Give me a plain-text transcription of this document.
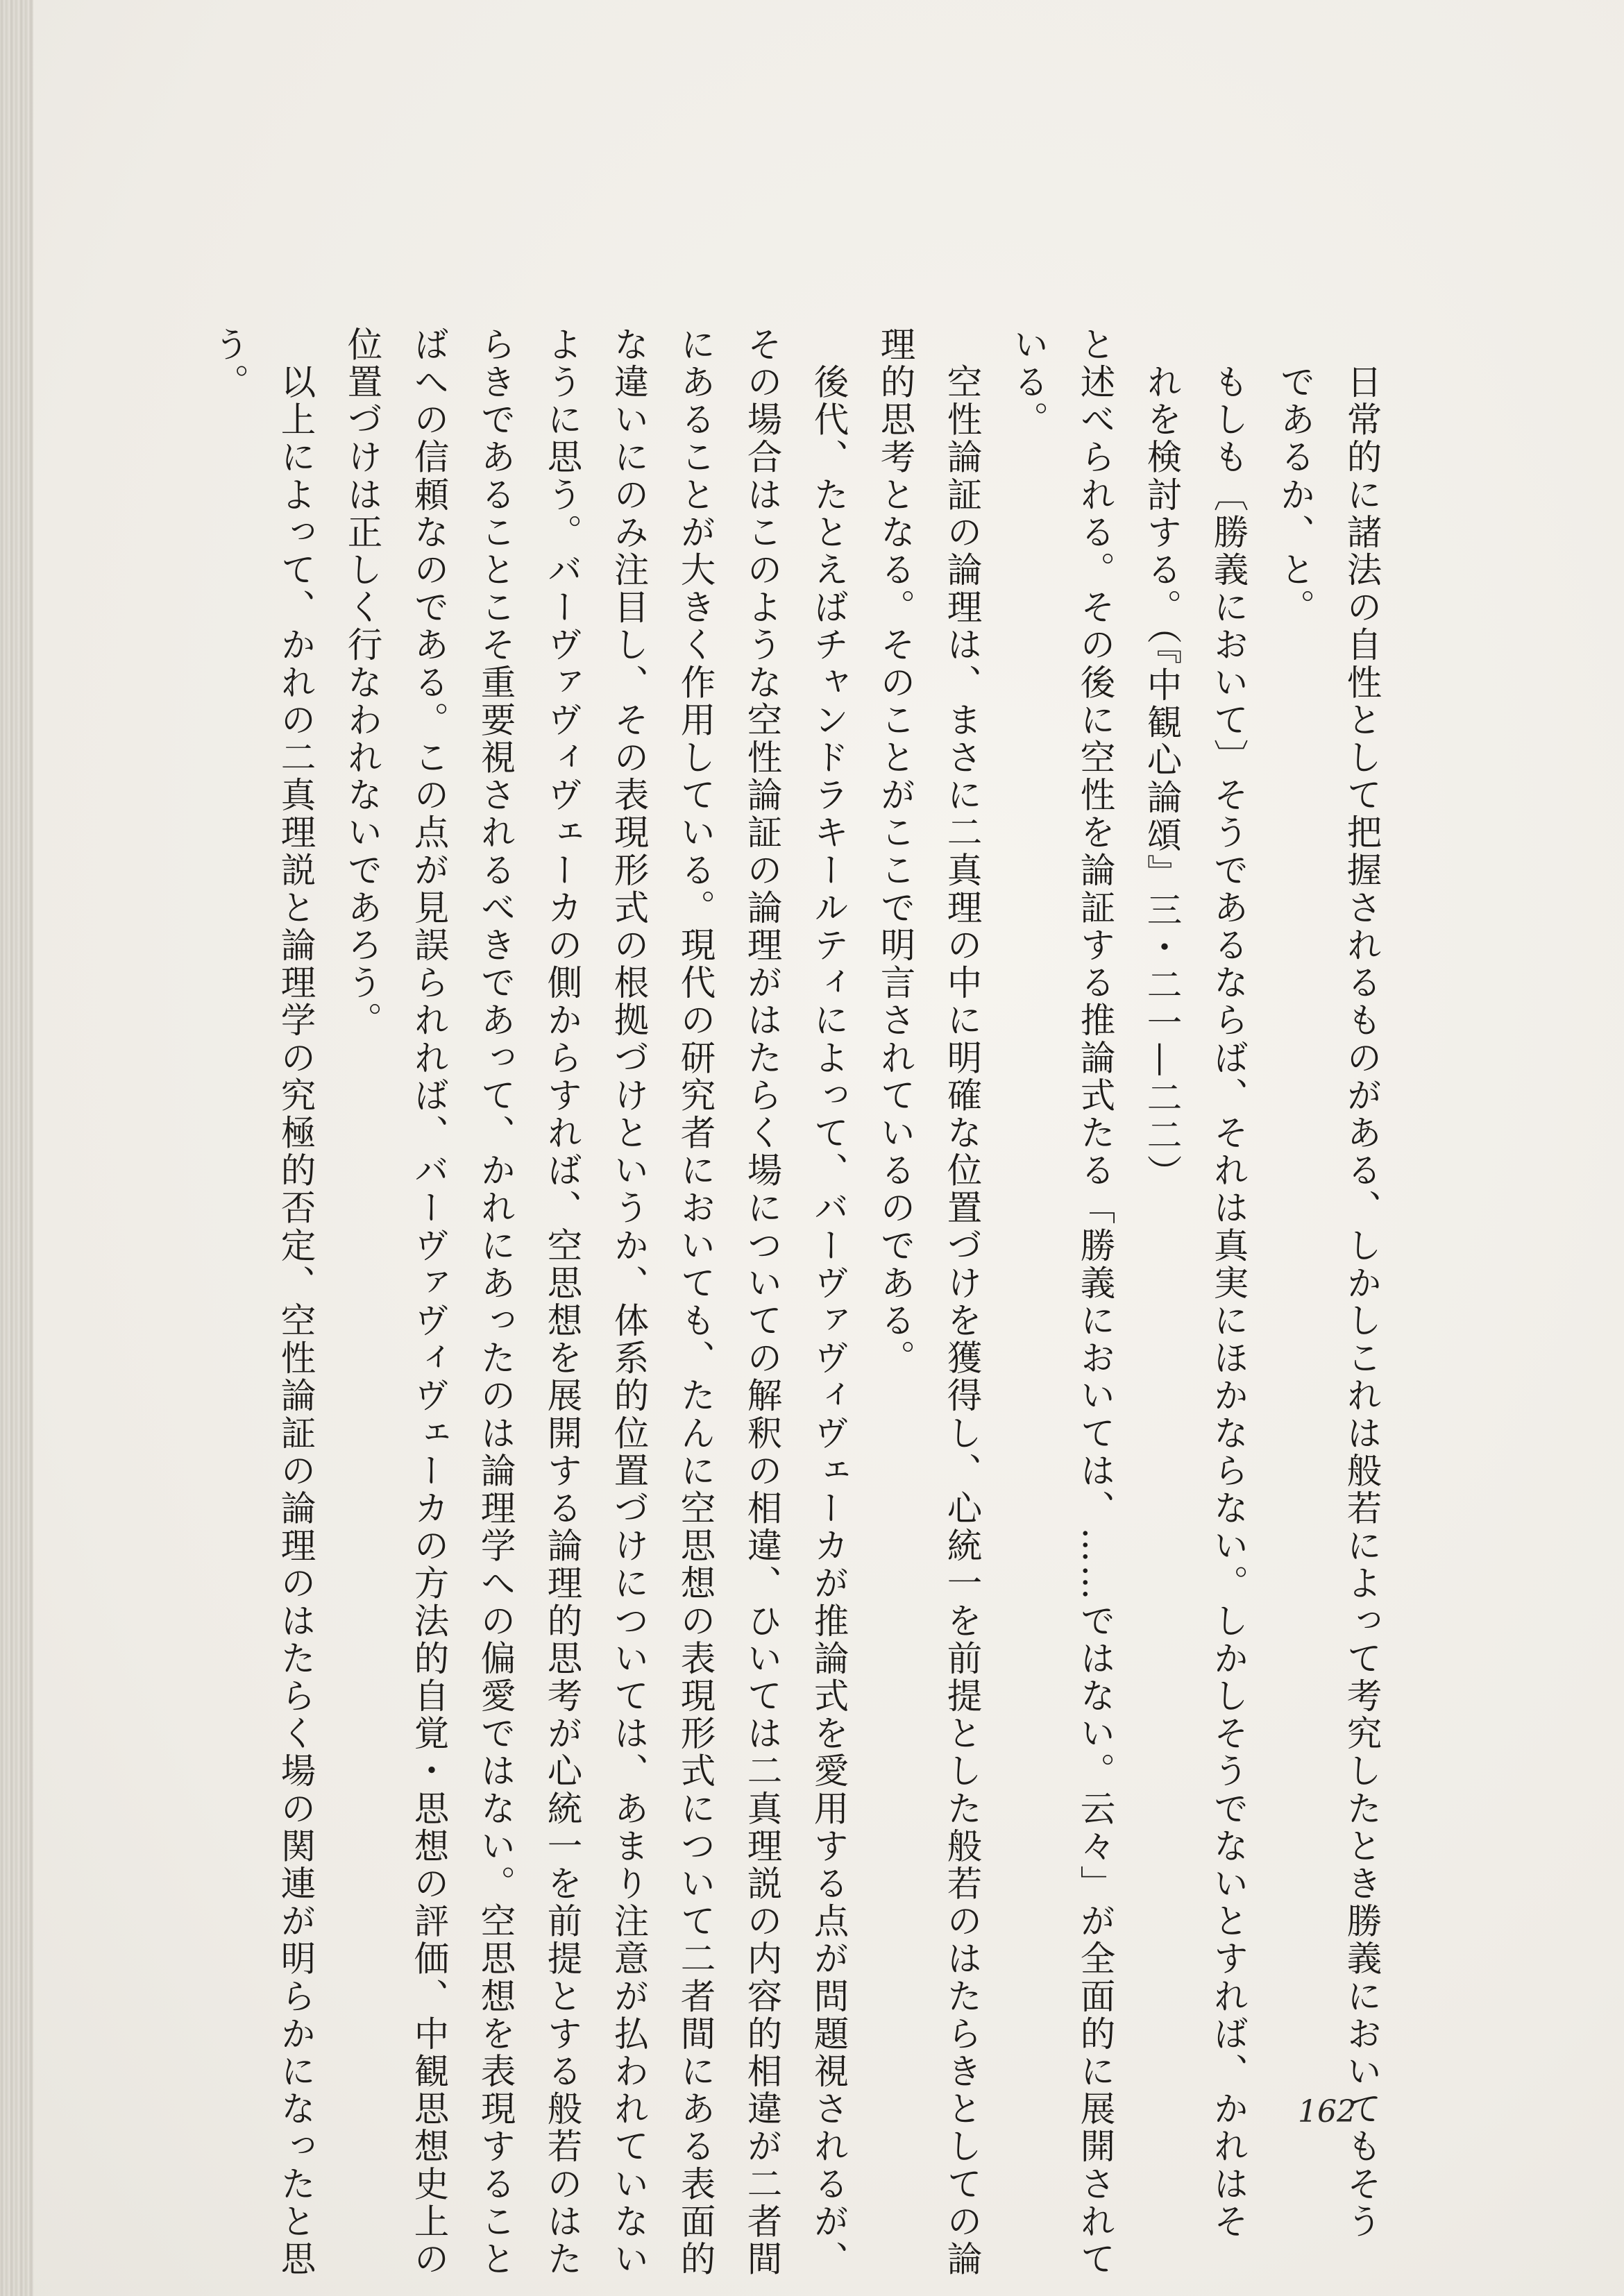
　日常的に諸法の自性として把握されるものがある、しかしこれは般若によって考究したとき勝義においてもそう
　であるか、と。
　もしも〔勝義において〕そうであるならば、それは真実にほかならない。しかしそうでないとすれば、かれはそ
　れを検討する。（『中観心論頌』三・二一—二二）
と述べられる。その後に空性を論証する推論式たる「勝義においては、……ではない。云々」が全面的に展開されて
いる。
　空性論証の論理は、まさに二真理の中に明確な位置づけを獲得し、心統一を前提とした般若のはたらきとしての論
理的思考となる。そのことがここで明言されているのである。
　後代、たとえばチャンドラキールティによって、バーヴァヴィヴェーカが推論式を愛用する点が問題視されるが、
その場合はこのような空性論証の論理がはたらく場についての解釈の相違、ひいては二真理説の内容的相違が二者間
にあることが大きく作用している。現代の研究者においても、たんに空思想の表現形式について二者間にある表面的
な違いにのみ注目し、その表現形式の根拠づけというか、体系的位置づけについては、あまり注意が払われていない
ように思う。バーヴァヴィヴェーカの側からすれば、空思想を展開する論理的思考が心統一を前提とする般若のはた
らきであることこそ重要視されるべきであって、かれにあったのは論理学への偏愛ではない。空思想を表現すること
ばへの信頼なのである。この点が見誤られれば、バーヴァヴィヴェーカの方法的自覚・思想の評価、中観思想史上の
位置づけは正しく行なわれないであろう。
　以上によって、かれの二真理説と論理学の究極的否定、空性論証の論理のはたらく場の関連が明らかになったと思
う。
162
